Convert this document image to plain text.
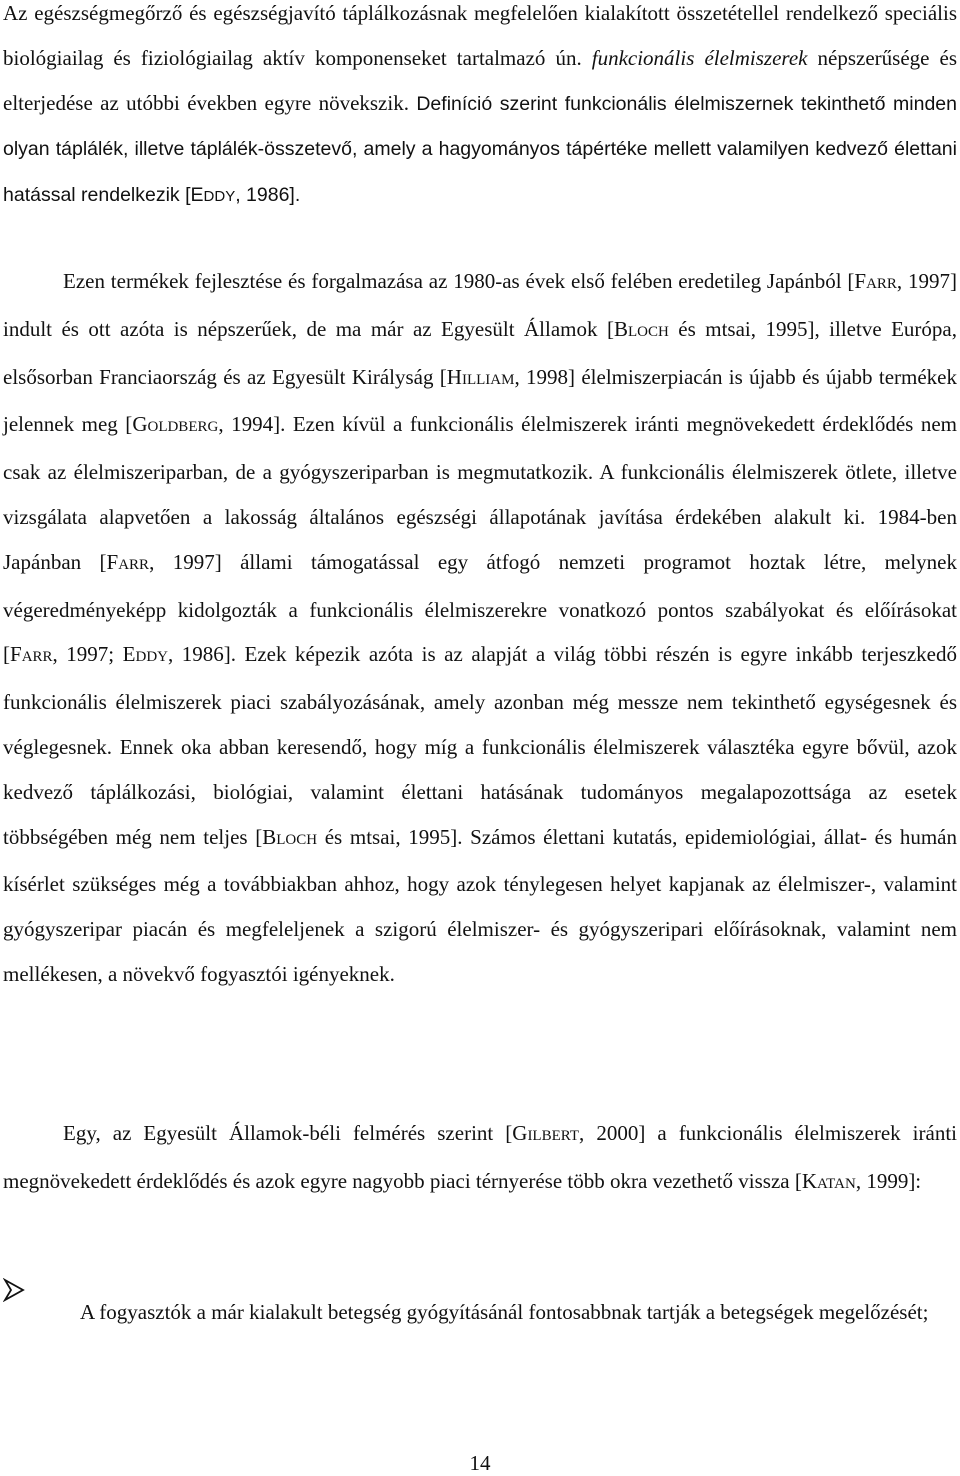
Az egészségmegőrző és egészségjavító táplálkozásnak megfelelően kialakított összetétellel rendelkező speciális biológiailag és fiziológiailag aktív komponenseket tartalmazó ún. funkcionális élelmiszerek népszerűsége és elterjedése az utóbbi években egyre növekszik. Definíció szerint funkcionális élelmiszernek tekinthető minden olyan táplálék, illetve táplálék-összetevő, amely a hagyományos tápértéke mellett valamilyen kedvező élettani hatással rendelkezik [EDDY, 1986].

Ezen termékek fejlesztése és forgalmazása az 1980-as évek első felében eredetileg Japánból [FARR, 1997] indult és ott azóta is népszerűek, de ma már az Egyesült Államok [BLOCH és mtsai, 1995], illetve Európa, elsősorban Franciaország és az Egyesült Királyság [HILLIAM, 1998] élelmiszerpiacán is újabb és újabb termékek jelennek meg [GOLDBERG, 1994]. Ezen kívül a funkcionális élelmiszerek iránti megnövekedett érdeklődés nem csak az élelmiszeriparban, de a gyógyszeriparban is megmutatkozik. A funkcionális élelmiszerek ötlete, illetve vizsgálata alapvetően a lakosság általános egészségi állapotának javítása érdekében alakult ki. 1984-ben Japánban [FARR, 1997] állami támogatással egy átfogó nemzeti programot hoztak létre, melynek végeredményeképp kidolgozták a funkcionális élelmiszerekre vonatkozó pontos szabályokat és előírásokat [FARR, 1997; EDDY, 1986]. Ezek képezik azóta is az alapját a világ többi részén is egyre inkább terjeszkedő funkcionális élelmiszerek piaci szabályozásának, amely azonban még messze nem tekinthető egységesnek és véglegesnek. Ennek oka abban keresendő, hogy míg a funkcionális élelmiszerek választéka egyre bővül, azok kedvező táplálkozási, biológiai, valamint élettani hatásának tudományos megalapozottsága az esetek többségében még nem teljes [BLOCH és mtsai, 1995]. Számos élettani kutatás, epidemiológiai, állat- és humán kísérlet szükséges még a továbbiakban ahhoz, hogy azok ténylegesen helyet kapjanak az élelmiszer-, valamint gyógyszeripar piacán és megfeleljenek a szigorú élelmiszer- és gyógyszeripari előírásoknak, valamint nem mellékesen, a növekvő fogyasztói igényeknek.

Egy, az Egyesült Államok-béli felmérés szerint [GILBERT, 2000] a funkcionális élelmiszerek iránti megnövekedett érdeklődés és azok egyre nagyobb piaci térnyerése több okra vezethető vissza [KATAN, 1999]:

A fogyasztók a már kialakult betegség gyógyításánál fontosabbnak tartják a betegségek megelőzését;

14
